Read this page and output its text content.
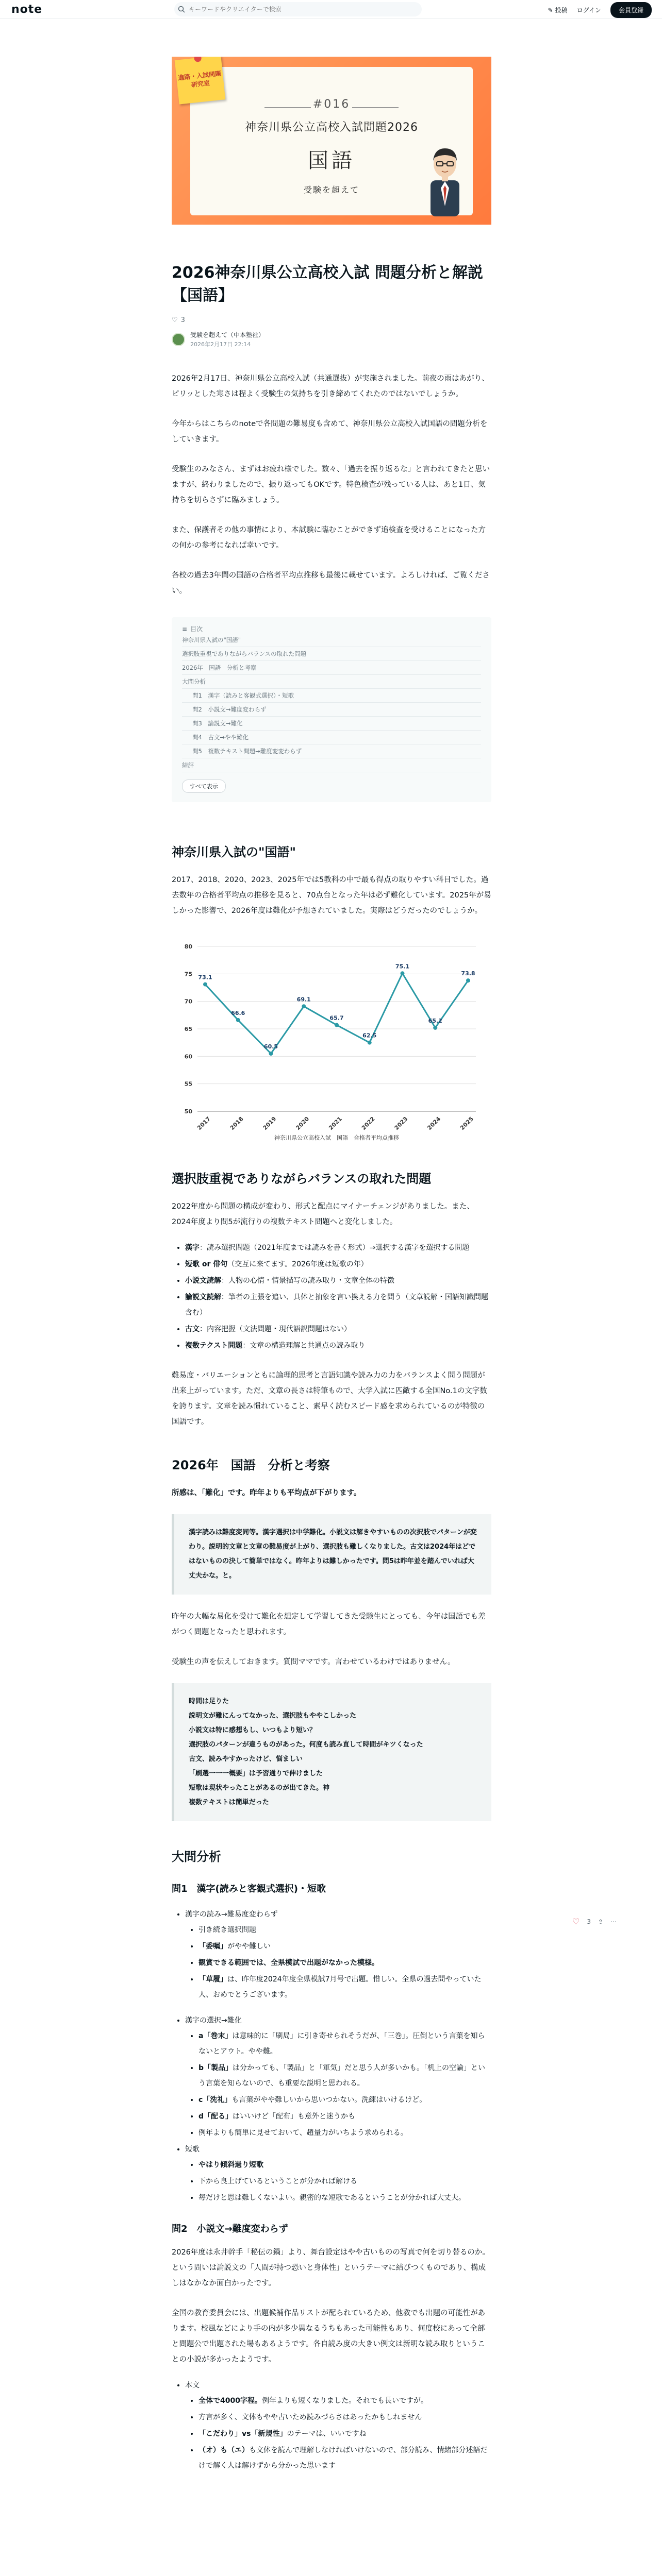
note
キーワードやクリエイターで検索	✎ 投稿 ログイン	会員登録
進路・入試問題
研究室
#016
神奈川県公立高校入試問題2026
国語
受験を超えて
2026神奈川県公立高校入試 問題分析と解説【国語】
♡ 3
受験を超えて（中本塾社）
2026年2月17日 22:14

2026年2月17日、神奈川県公立高校入試（共通選抜）が実施されました。前夜の雨はあがり、ピリッとした寒さは程よく受験生の気持ちを引き締めてくれたのではないでしょうか。

今年からはこちらのnoteで各問題の難易度も含めて、神奈川県公立高校入試国語の問題分析をしていきます。

受験生のみなさん、まずはお疲れ様でした。数々、「過去を振り返るな」と言われてきたと思いますが、終わりましたので、振り返ってもOKです。特色検査が残っている人は、あと1日、気持ちを切らさずに臨みましょう。

また、保護者その他の事情により、本試験に臨むことができず追検査を受けることになった方の何かの参考になれば幸いです。

各校の過去3年間の国語の合格者平均点推移も最後に載せています。よろしければ、ご覧ください。

≡ 目次
神奈川県入試の"国語"
選択肢重視でありながらバランスの取れた問題
2026年　国語　分析と考察
大問分析
問1　漢字（読みと客観式選択）・短歌
問2　小説文→難度変わらず
問3　論説文→難化
問4　古文→やや難化
問5　複数テキスト問題→難度変変わらず
結評
すべて表示
神奈川県入試の"国語"

2017、2018、2020、2023、2025年では5教科の中で最も得点の取りやすい科目でした。過去数年の合格者平均点の推移を見ると、70点台となった年は必ず難化しています。2025年が易しかった影響で、2026年度は難化が予想されていました。実際はどうだったのでしょうか。

50
55
60
65
70
75
80
73.1
66.6
60.5
69.1
65.7
62.5
75.1
65.2
73.8
2017	2018	2019	2020	2021	2022	2023	2024	2025
神奈川県公立高校入試　国語　合格者平均点推移
選択肢重視でありながらバランスの取れた問題

2022年度から問題の構成が変わり、形式と配点にマイナーチェンジがありました。また、2024年度より問5が流行りの複数テキスト問題へと変化しました。

• 漢字：読み選択問題（2021年度までは読みを書く形式）⇒選択する漢字を選択する問題
• 短歌 or 俳句（交互に来てます。2026年度は短歌の年）
• 小説文読解：人物の心情・情景描写の読み取り・文章全体の特徴
• 論説文読解：筆者の主張を追い、具体と抽象を言い換える力を問う（文章読解・国語知識問題含む）
• 古文：内容把握（文法問題・現代語訳問題はない）
• 複数テクスト問題：文章の構造理解と共通点の読み取り

難易度・バリエーションともに論理的思考と言語知識や読み力の力をバランスよく問う問題が出来上がっています。ただ、文章の長さは特筆もので、大学入試に匹敵する全国No.1の文字数を誇ります。文章を読み慣れていること、素早く読むスピード感を求められているのが特徴の国語です。

2026年　国語　分析と考察

所感は、「難化」です。昨年よりも平均点が下がります。

漢字読みは難度変同等。漢字選択は中学難化。小説文は解きやすいものの次択肢でパターンが変わり。説明的文章と文章の難易度が上がり、選択肢も難しくなりました。古文は2024年はどではないものの決して簡単ではなく。昨年よりは難しかったです。問5は昨年並を踏んでいれば大丈夫かな。と。

昨年の大幅な易化を受けて難化を想定して学習してきた受験生にとっても、今年は国語でも差がつく問題となったと思われます。

受験生の声を伝えしておきます。質問ママです。言わせているわけではありません。

時間は足りた
説明文が難にんってなかった、選択肢もややこしかった
小説文は特に感想もし、いつもより短い？
選択肢のパターンが違うものがあった。何度も読み直して時間がキツくなった
古文、読みやすかったけど、悩ましい
「刷選一一一概要」は予習通りで伸けました
短歌は現状やったことがあるのが出てきた。神
複数テキストは簡単だった
大問分析
問1　漢字(読みと客観式選択)・短歌
• 漢字の読み→難易度変わらず
• 引き続き選択問題
• 「委嘱」がやや難しい
• 観賞できる範囲では、全県模試で出題がなかった模様。
• 「草履」は、昨年度2024年度全県模試7月号で出題。惜しい。全県の過去問やっていた人、おめでとうございます。
• 漢字の選択→難化
• a「巻末」は意味的に「刷局」に引き寄せられそうだが、「三巻」。圧倒という言葉を知らないとアウト。やや難。
• b「製品」は分かっても、「製品」と「軍気」だと思う人が多いかも。「机上の空論」という言葉を知らないので、も重要な説明と思われる。
• c「洗礼」も言葉がやや難しいから思いつかない。洗練はいけるけど。
• d「配る」はいいけど「配布」も意外と迷うかも
• 例年よりも簡単に見せておいて、趙量力がいちよう求められる。
• 短歌
• やはり傾斜過り短歌
• 下から良上げているということが分かれば解ける
• 毎だけと思は難しくないよい。親密的な短歌であるということが分かれば大丈夫。
問2　小説文→難度変わらず

2026年度は永井幹手「秘伝の鍋」より、舞台設定はやや古いものの写真で何を切り替るのか。という問いは論説文の「人間が持つ恐いと身体性」というテーマに結びつくものであり、構成しはなかなか面白かったです。

全国の教育委員会には、出題候補作品リストが配られているため、他教でも出題の可能性があります。校風などにより手の内が多少異なるうちもあった可能性もあり、何度校にあって全部と問題公で出題された場もあるようです。各自読み度の大きい例文は新明な読み取りということの小説が多かったようです。

• 本文
• 全体で4000字程。例年よりも短くなりました。それでも長いですが。
• 方言が多く、文体もやや古いため読みづらさはあったかもしれません
• 「こだわり」vs「新規性」のテーマは、いいですね
• （オ）も（エ）も文体を読んで理解しなければいけないので、部分読み、情緒部分述語だけで解く人は解けずから分かった思います
♡ 3 ⇪ ⋯
